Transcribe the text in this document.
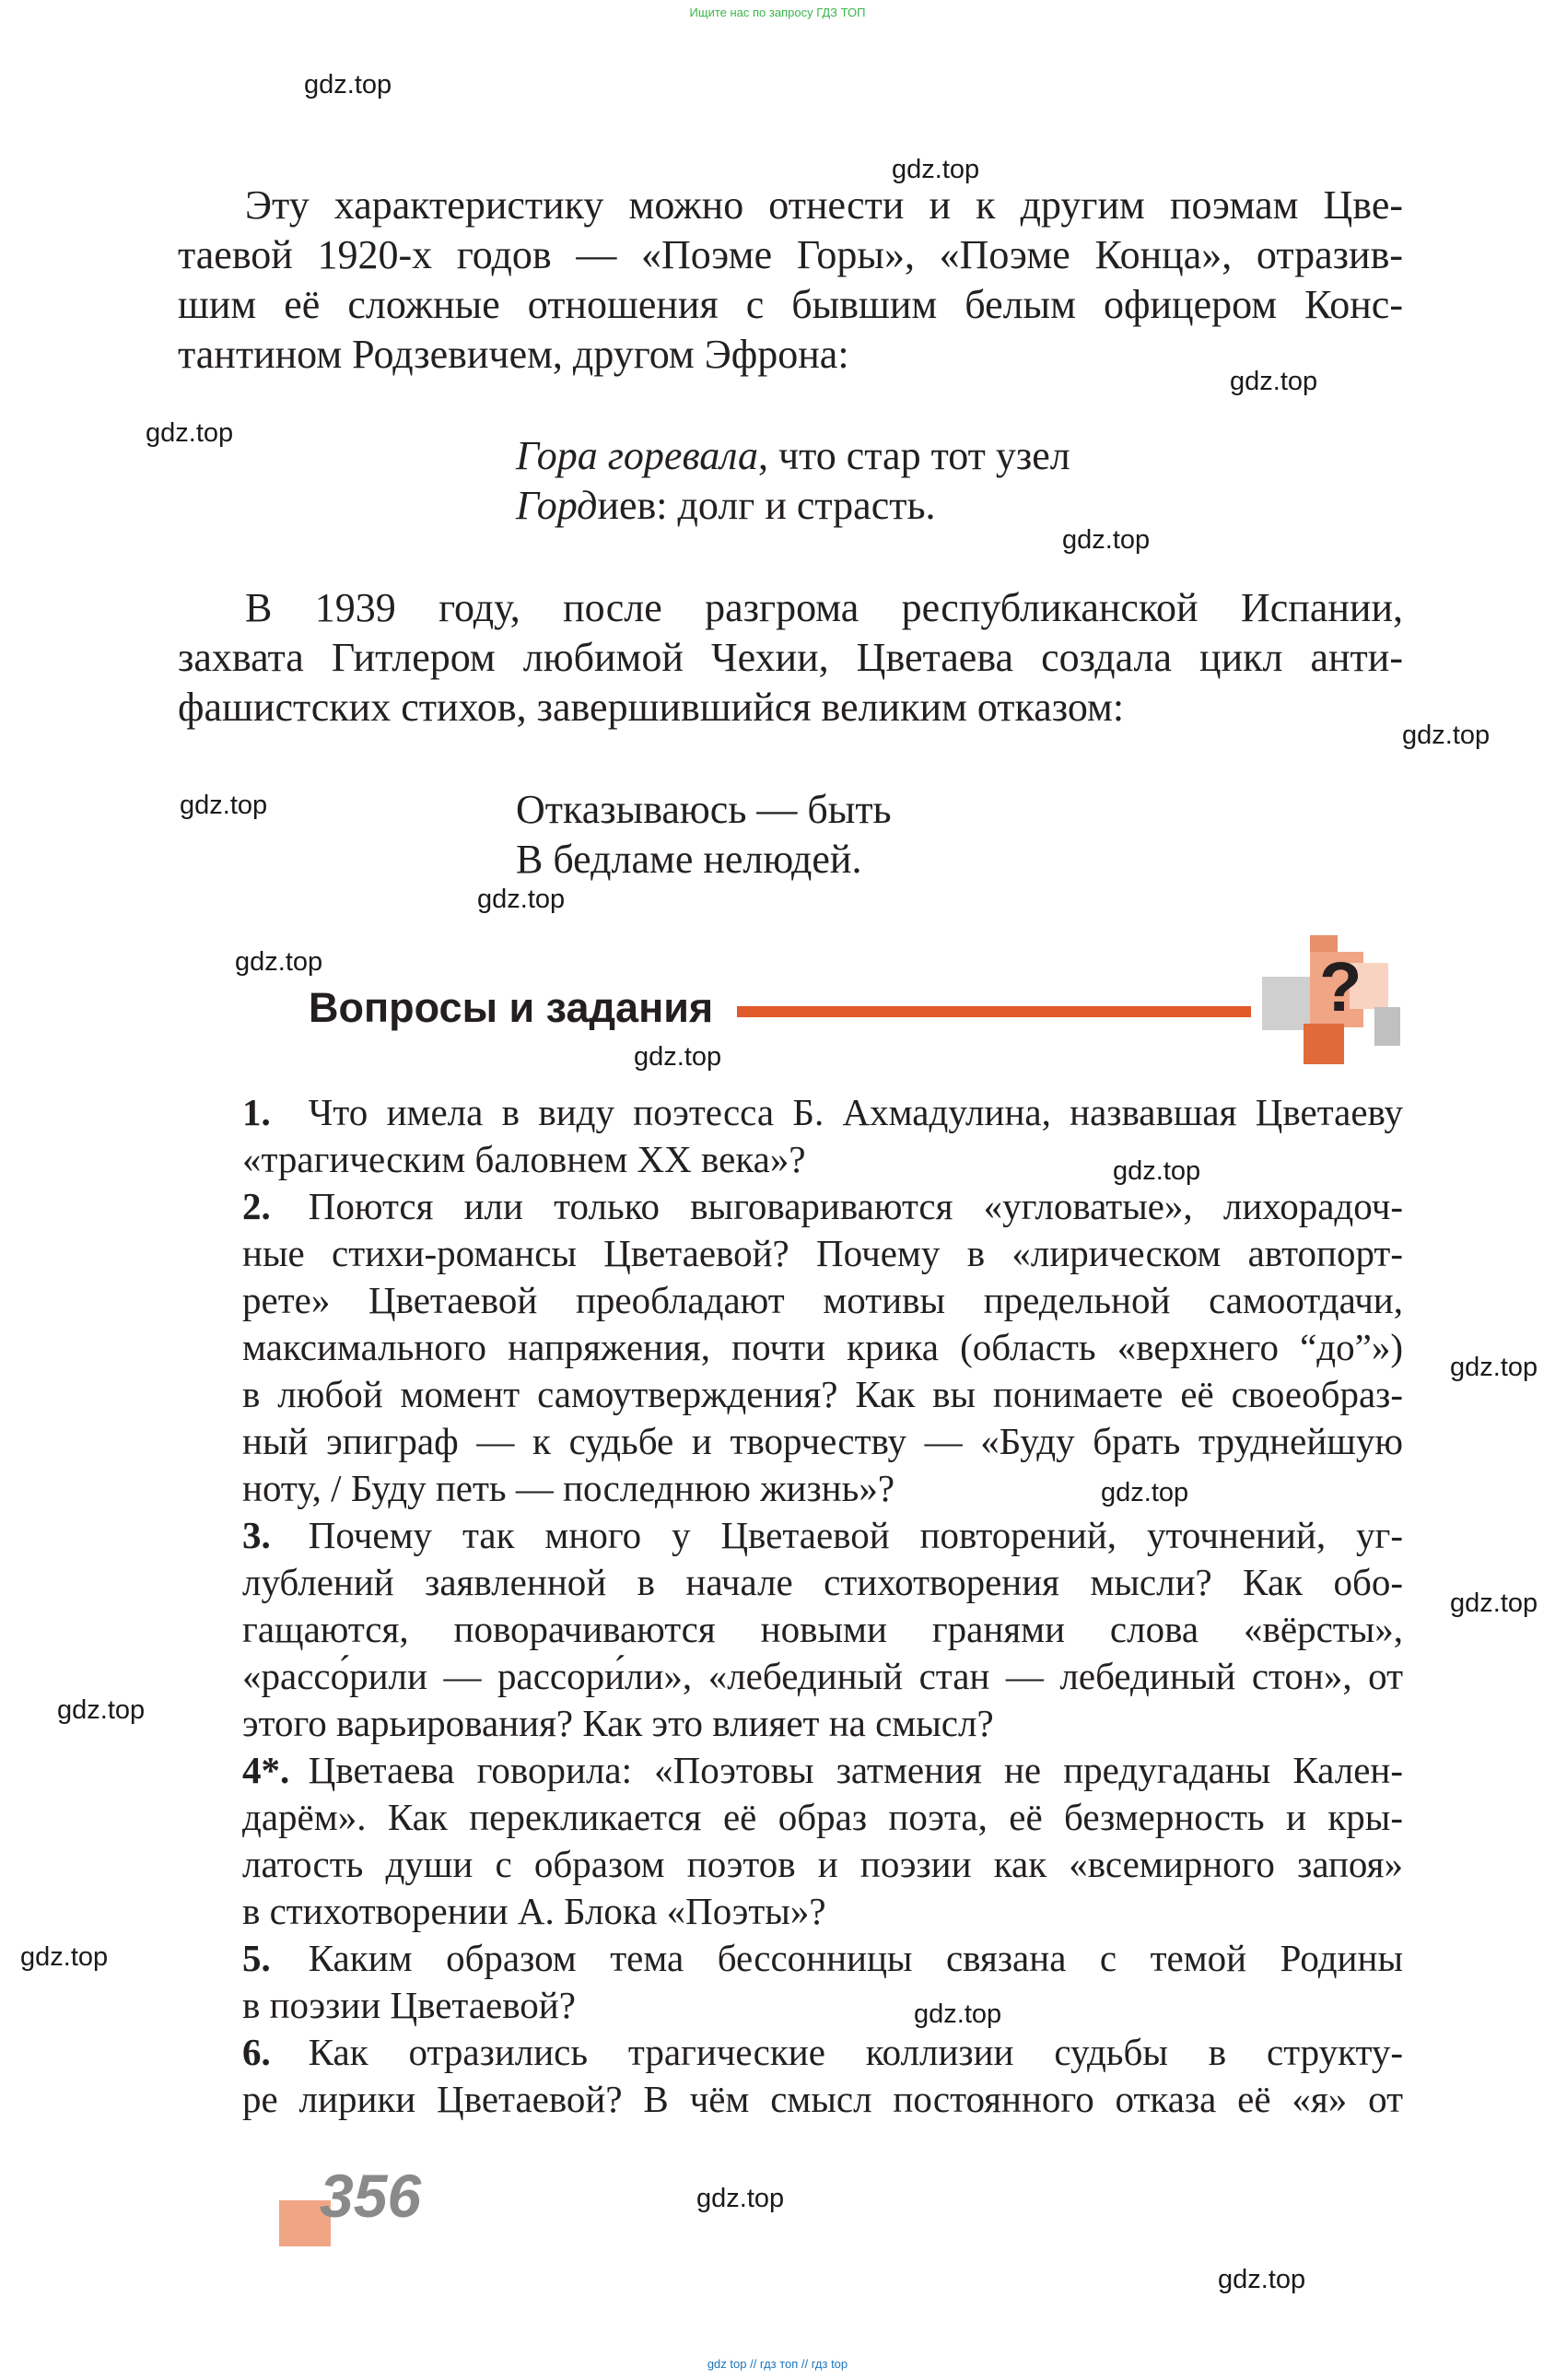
Ищите нас по запросу ГДЗ ТОП
gdz.top
gdz.top
gdz.top
gdz.top
gdz.top
gdz.top
gdz.top
gdz.top
gdz.top
gdz.top
gdz.top
gdz.top
gdz.top
gdz.top
gdz.top
gdz.top
gdz.top
gdz.top
gdz.top
Эту характеристику можно отнести и к другим поэмам Цве-
таевой 1920-х годов — «Поэме Горы», «Поэме Конца», отразив-
шим её сложные отношения с бывшим белым офицером Конс-
тантином Родзевичем, другом Эфрона:
Гора горевала, что стар тот узел
Гордиев: долг и страсть.
В 1939 году, после разгрома республиканской Испании,
захвата Гитлером любимой Чехии, Цветаева создала цикл анти-
фашистских стихов, завершившийся великим отказом:
Отказываюсь — быть
В бедламе нелюдей.
Вопросы и задания	?
1.  Что имела в виду поэтесса Б. Ахмадулина, назвавшая Цветаеву
«трагическим баловнем XX века»?
2.  Поются или только выговариваются «угловатые», лихорадоч-
ные стихи-романсы Цветаевой? Почему в «лирическом автопорт-
рете» Цветаевой преобладают мотивы предельной самоотдачи,
максимального напряжения, почти крика (область «верхнего “до”»)
в любой момент самоутверждения? Как вы понимаете её своеобраз-
ный эпиграф — к судьбе и творчеству — «Буду брать труднейшую
ноту, / Буду петь — последнюю жизнь»?
3.  Почему так много у Цветаевой повторений, уточнений, уг-
лублений заявленной в начале стихотворения мысли? Как обо-
гащаются, поворачиваются новыми гранями слова «вёрсты»,
«рассо́рили — рассори́ли», «лебединый стан — лебединый стон», от
этого варьирования? Как это влияет на смысл?
4*.  Цветаева говорила: «Поэтовы затмения не предугаданы Кален-
дарём». Как перекликается её образ поэта, её безмерность и кры-
латость души с образом поэтов и поэзии как «всемирного запоя»
в стихотворении А. Блока «Поэты»?
5.  Каким образом тема бессонницы связана с темой Родины
в поэзии Цветаевой?
6.  Как отразились трагические коллизии судьбы в структу-
ре лирики Цветаевой? В чём смысл постоянного отказа её «я» от
356
gdz top // гдз топ // гдз top
